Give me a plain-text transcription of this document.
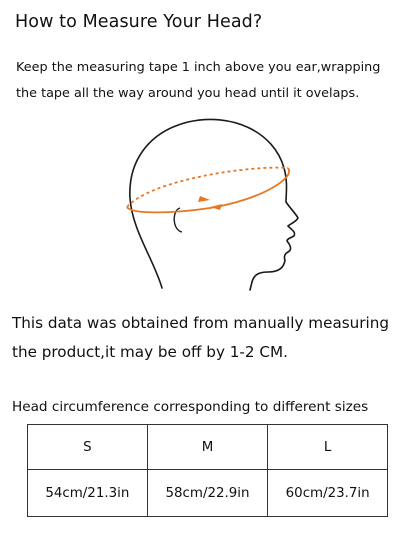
How to Measure Your Head?
Keep the measuring tape 1 inch above you ear,wrapping
the tape all the way around you head until it ovelaps.
This data was obtained from manually measuring
the product,it may be off by 1-2 CM.
Head circumference corresponding to different sizes
S	M	L
54cm/21.3in	58cm/22.9in	60cm/23.7in
